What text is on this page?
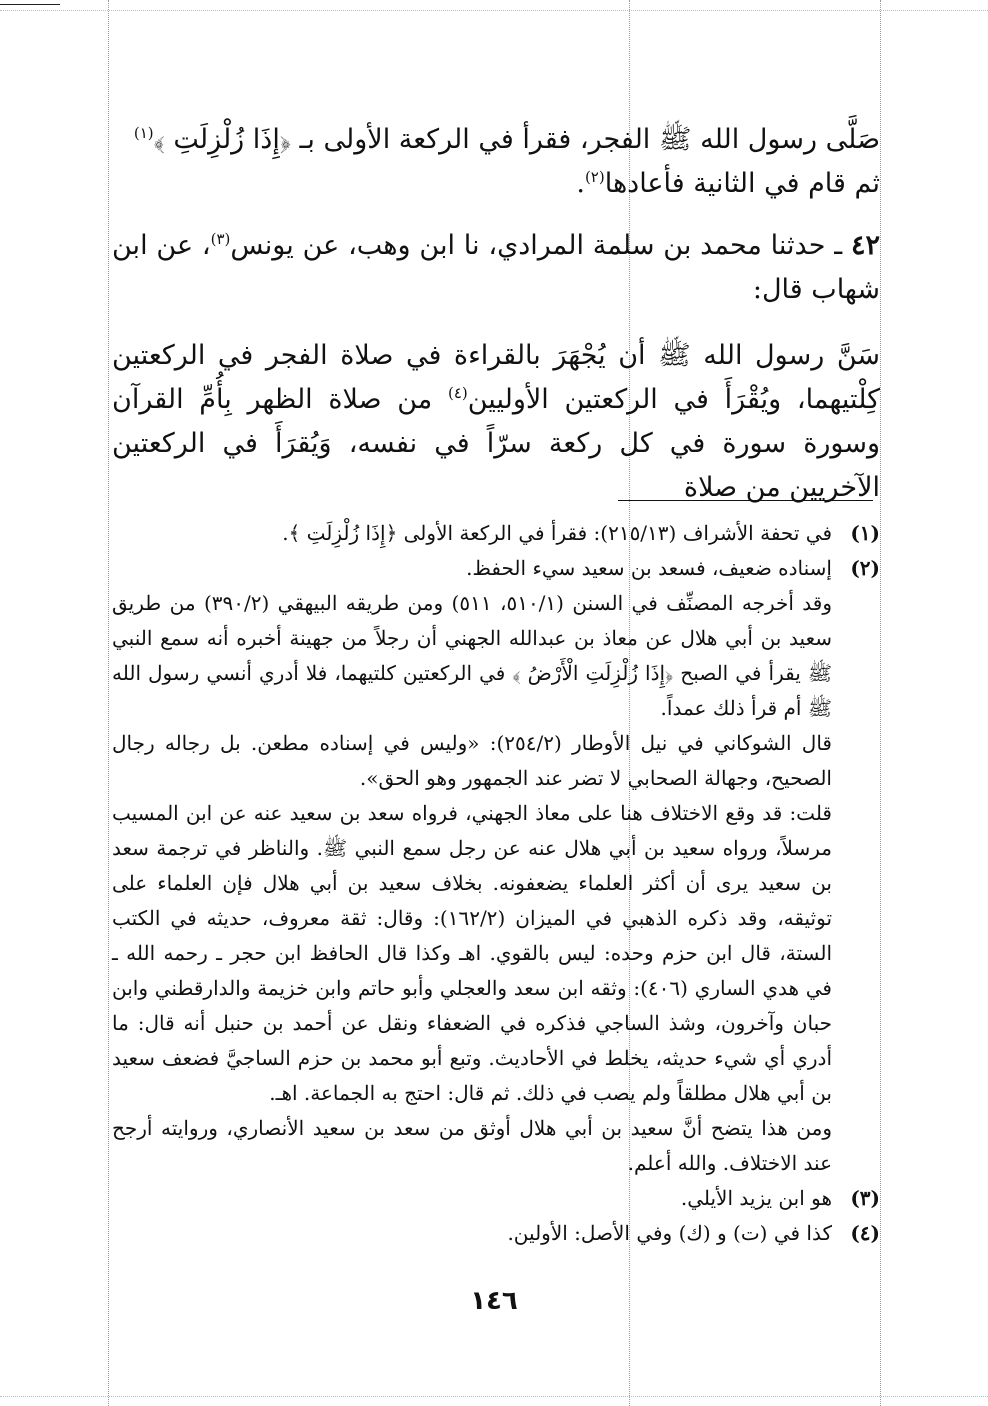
صَلَّى رسول الله ﷺ الفجر، فقرأ في الركعة الأولى بـ ﴿إِذَا زُلْزِلَتِ ﴾$^{(١)}$
ثم قام في الثانية فأعادها$^{(٢)}$.

٤٢ ـ حدثنا محمد بن سلمة المرادي، نا ابن وهب، عن يونس$^{(٣)}$، عن ابن شهاب قال:

سَنَّ رسول الله ﷺ أن يُجْهَرَ بالقراءة في صلاة الفجر في الركعتين كِلْتيهما، ويُقْرَأَ في الركعتين الأوليين$^{(٤)}$ من صلاة الظهر بِأُمِّ القرآن وسورة سورة في كل ركعة سرّاً في نفسه، وَيُقرَأَ في الركعتين الآخريين من صلاة

(١)
في تحفة الأشراف (٢١٥/١٣): فقرأ في الركعة الأولى ﴿إِذَا زُلْزِلَتِ ﴾.
(٢)
إسناده ضعيف، فسعد بن سعيد سيء الحفظ.

وقد أخرجه المصنِّف في السنن (٥١٠/١، ٥١١) ومن طريقه البيهقي (٣٩٠/٢) من طريق سعيد بن أبي هلال عن معاذ بن عبدالله الجهني أن رجلاً من جهينة أخبره أنه سمع النبي ﷺ يقرأ في الصبح ﴿إِذَا زُلْزِلَتِ الْأَرْضُ ﴾ في الركعتين كلتيهما، فلا أدري أنسي رسول الله ﷺ أم قرأ ذلك عمداً.

قال الشوكاني في نيل الأوطار (٢٥٤/٢): «وليس في إسناده مطعن. بل رجاله رجال الصحيح، وجهالة الصحابي لا تضر عند الجمهور وهو الحق».

قلت: قد وقع الاختلاف هنا على معاذ الجهني، فرواه سعد بن سعيد عنه عن ابن المسيب مرسلاً، ورواه سعيد بن أبي هلال عنه عن رجل سمع النبي ﷺ. والناظر في ترجمة سعد بن سعيد يرى أن أكثر العلماء يضعفونه. بخلاف سعيد بن أبي هلال فإن العلماء على توثيقه، وقد ذكره الذهبي في الميزان (١٦٢/٢): وقال: ثقة معروف، حديثه في الكتب الستة، قال ابن حزم وحده: ليس بالقوي. اهـ وكذا قال الحافظ ابن حجر ـ رحمه الله ـ في هدي الساري (٤٠٦): وثقه ابن سعد والعجلي وأبو حاتم وابن خزيمة والدارقطني وابن حبان وآخرون، وشذ الساجي فذكره في الضعفاء ونقل عن أحمد بن حنبل أنه قال: ما أدري أي شيء حديثه، يخلط في الأحاديث. وتبع أبو محمد بن حزم الساجيَّ فضعف سعيد بن أبي هلال مطلقاً ولم يصب في ذلك. ثم قال: احتج به الجماعة. اهـ.

ومن هذا يتضح أنَّ سعيد بن أبي هلال أوثق من سعد بن سعيد الأنصاري، وروايته أرجح عند الاختلاف. والله أعلم.

(٣)
هو ابن يزيد الأيلي.
(٤)
كذا في (ت) و (ك) وفي الأصل: الأولين.
١٤٦
